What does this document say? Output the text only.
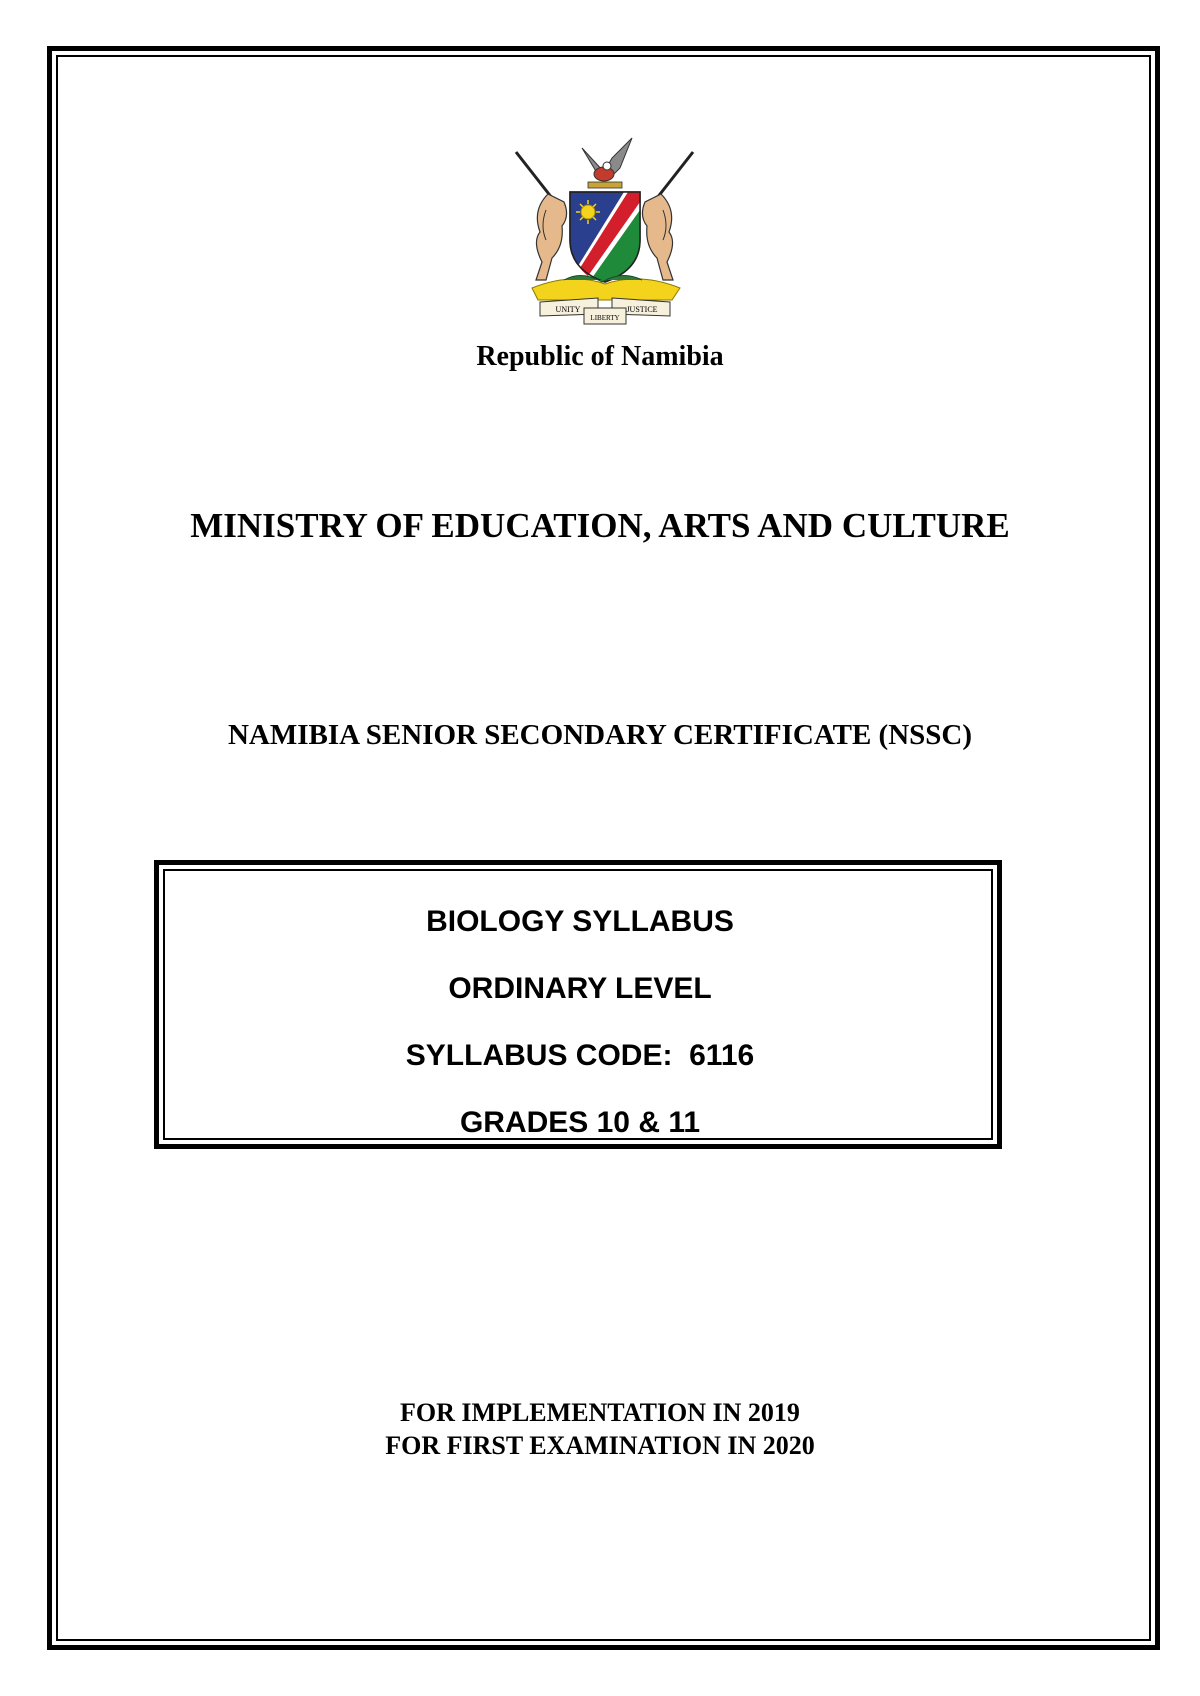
UNITY
LIBERTY
JUSTICE
Republic of Namibia
MINISTRY OF EDUCATION, ARTS AND CULTURE
NAMIBIA SENIOR SECONDARY CERTIFICATE (NSSC)
BIOLOGY SYLLABUS
ORDINARY LEVEL
SYLLABUS CODE:  6116
GRADES 10 & 11
FOR IMPLEMENTATION IN 2019
FOR FIRST EXAMINATION IN 2020
